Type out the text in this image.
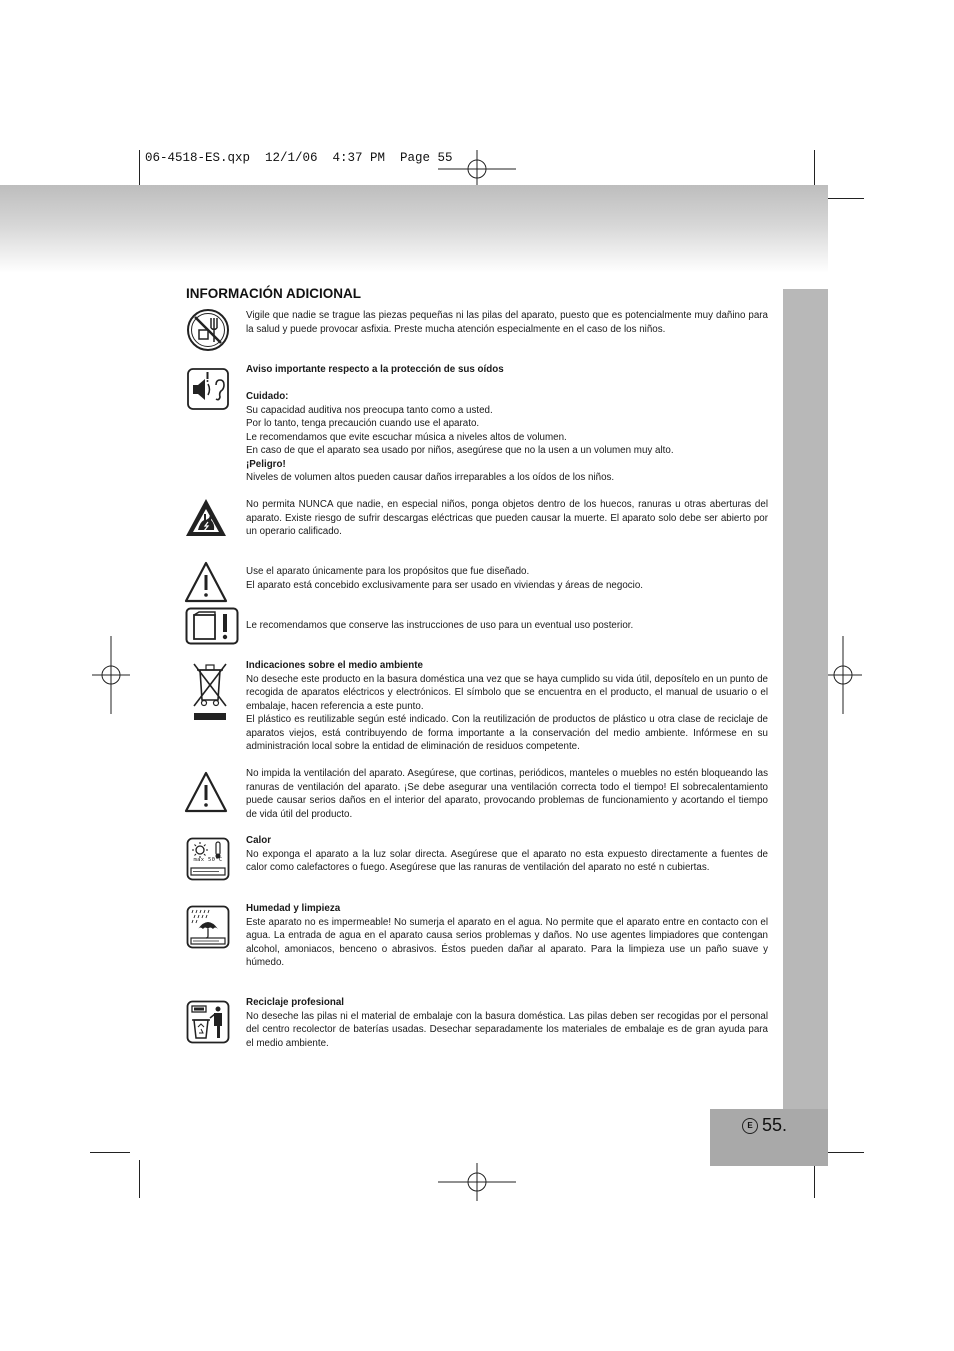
06-4518-ES.qxp  12/1/06  4:37 PM  Page 55
E 55.
INFORMACIÓN ADICIONAL

Vigile que nadie se trague las piezas pequeñas ni las pilas del aparato, puesto que es potencialmente muy dañino para la salud y puede provocar asfixia. Preste mucha atención especialmente en el caso de los niños.

Aviso importante respecto a la protección de sus oídos

Cuidado:

Su capacidad auditiva nos preocupa tanto como a usted.

Por lo tanto, tenga precaución cuando use el aparato.

Le recomendamos que evite escuchar música a niveles altos de volumen.

En caso de que el aparato sea usado por niños, asegúrese que no la usen a un volumen muy alto.

¡Peligro!

Niveles de volumen altos pueden causar daños irreparables a los oídos de los niños.

No permita NUNCA que nadie, en especial niños, ponga objetos dentro de los huecos, ranuras u otras aberturas del aparato. Existe riesgo de sufrir descargas eléctricas que pueden causar la muerte. El aparato solo debe ser abierto por un operario calificado.

Use el aparato únicamente para los propósitos que fue diseñado.

El aparato está concebido exclusivamente para ser usado en viviendas y áreas de negocio.

Le recomendamos que conserve las instrucciones de uso para un eventual uso posterior.

Indicaciones sobre el medio ambiente

No deseche este producto en la basura doméstica una vez que se haya cumplido su vida útil, deposítelo en un punto de recogida de aparatos eléctricos y electrónicos. El símbolo que se encuentra en el producto, el manual de usuario o el embalaje, hacen referencia a este punto.

El plástico es reutilizable según esté indicado. Con la reutilización de productos de plástico u otra clase de reciclaje de aparatos viejos, está contribuyendo de forma importante a la conservación del medio ambiente. Infórmese en su administración local sobre la entidad de eliminación de residuos competente.

No impida la ventilación del aparato. Asegúrese, que cortinas, periódicos, manteles o muebles no estén bloqueando las ranuras de ventilación del aparato. ¡Se debe asegurar una ventilación correcta todo el tiempo! El sobrecalentamiento puede causar serios daños en el interior del aparato, provocando problemas de funcionamiento y acortando el tiempo de vida útil del producto.

max 50°C

Calor

No exponga el aparato a la luz solar directa. Asegúrese que el aparato no esta expuesto directamente a fuentes de calor como calefactores o fuego. Asegúrese que las ranuras de ventilación del aparato no esté n cubiertas.

Humedad y limpieza

Este aparato no es impermeable! No sumerja el aparato en el agua. No permite que el aparato entre en contacto con el agua. La entrada de agua en el aparato causa serios problemas y daños. No use agentes limpiadores que contengan alcohol, amoniacos, benceno o abrasivos. Éstos pueden dañar al aparato. Para la limpieza use un paño suave y húmedo.

Reciclaje profesional

No deseche las pilas ni el material de embalaje con la basura doméstica. Las pilas deben ser recogidas por el personal del centro recolector de baterías usadas. Desechar separadamente los materiales de embalaje es de gran ayuda para el medio ambiente.
